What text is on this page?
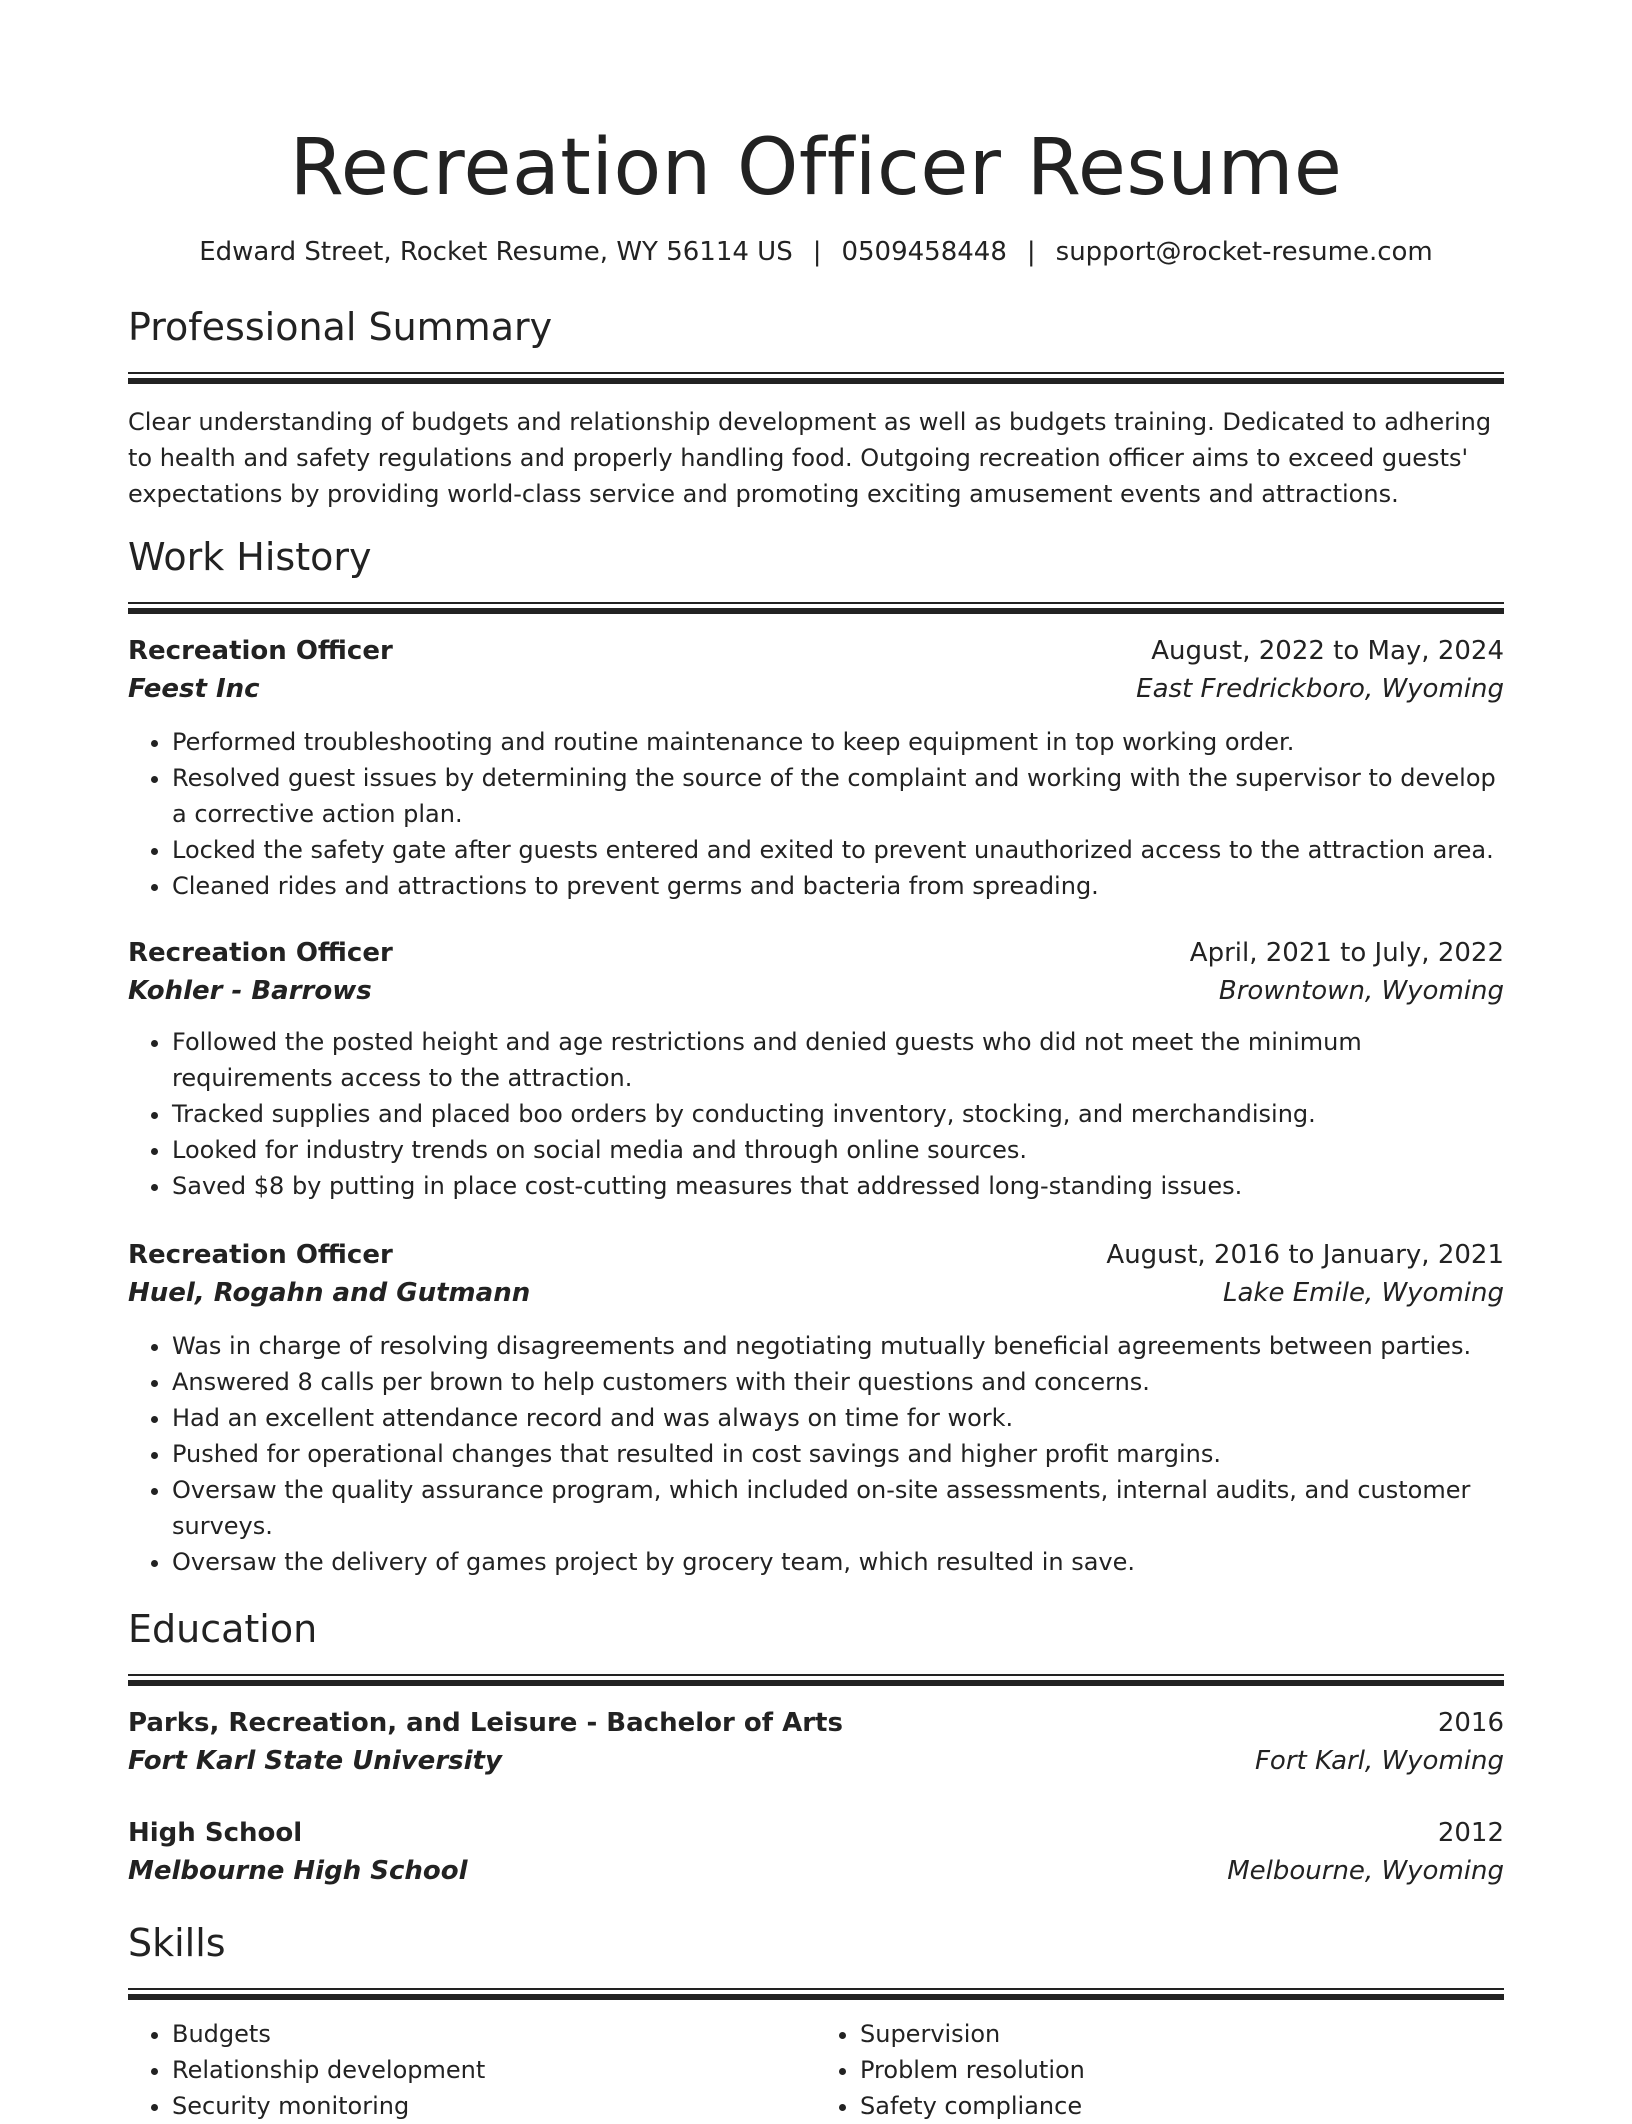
Recreation Officer Resume
Edward Street, Rocket Resume, WY 56114 US | 0509458448 | support@rocket-resume.com
Professional Summary

Clear understanding of budgets and relationship development as well as budgets training. Dedicated to adhering to health and safety regulations and properly handling food. Outgoing recreation officer aims to exceed guests' expectations by providing world-class service and promoting exciting amusement events and attractions.

Work History
Recreation Officer	August, 2022 to May, 2024
Feest Inc	East Fredrickboro, Wyoming
• Performed troubleshooting and routine maintenance to keep equipment in top working order.
• Resolved guest issues by determining the source of the complaint and working with the supervisor to develop a corrective action plan.
• Locked the safety gate after guests entered and exited to prevent unauthorized access to the attraction area.
• Cleaned rides and attractions to prevent germs and bacteria from spreading.
Recreation Officer	April, 2021 to July, 2022
Kohler - Barrows	Browntown, Wyoming
• Followed the posted height and age restrictions and denied guests who did not meet the minimum requirements access to the attraction.
• Tracked supplies and placed boo orders by conducting inventory, stocking, and merchandising.
• Looked for industry trends on social media and through online sources.
• Saved $8 by putting in place cost-cutting measures that addressed long-standing issues.
Recreation Officer	August, 2016 to January, 2021
Huel, Rogahn and Gutmann	Lake Emile, Wyoming
• Was in charge of resolving disagreements and negotiating mutually beneficial agreements between parties.
• Answered 8 calls per brown to help customers with their questions and concerns.
• Had an excellent attendance record and was always on time for work.
• Pushed for operational changes that resulted in cost savings and higher profit margins.
• Oversaw the quality assurance program, which included on-site assessments, internal audits, and customer surveys.
• Oversaw the delivery of games project by grocery team, which resulted in save.
Education
Parks, Recreation, and Leisure - Bachelor of Arts	2016
Fort Karl State University	Fort Karl, Wyoming
High School	2012
Melbourne High School	Melbourne, Wyoming
Skills
• Budgets
• Relationship development
• Security monitoring
• Supervision
• Problem resolution
• Safety compliance
